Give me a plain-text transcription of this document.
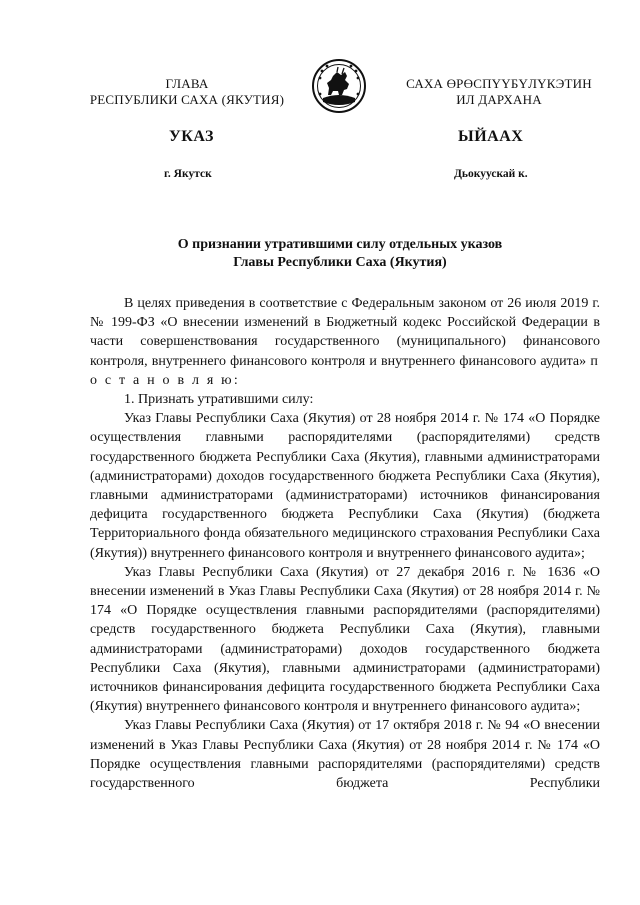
ГЛАВА
РЕСПУБЛИКИ САХА (ЯКУТИЯ)
САХА ӨРӨСПҮҮБҮЛҮКЭТИН
ИЛ ДАРХАНА
УКАЗ	ЫЙААХ
г. Якутск	Дьокуускай к.
О признании утратившими силу отдельных указов
Главы Республики Саха (Якутия)

В целях приведения в соответствие с Федеральным законом от 26 июля 2019 г. № 199-ФЗ «О внесении изменений в Бюджетный кодекс Российской Федерации в части совершенствования государственного (муниципального) финансового контроля, внутреннего финансового контроля и внутреннего финансового аудита» п о с т а н о в л я ю:

1. Признать утратившими силу:

Указ Главы Республики Саха (Якутия) от 28 ноября 2014 г. № 174 «О Порядке осуществления главными распорядителями (распорядителями) средств государственного бюджета Республики Саха (Якутия), главными администраторами (администраторами) доходов государственного бюджета Республики Саха (Якутия), главными администраторами (администраторами) источников финансирования дефицита государственного бюджета Республики Саха (Якутия) (бюджета Территориального фонда обязательного медицинского страхования Республики Саха (Якутия)) внутреннего финансового контроля и внутреннего финансового аудита»;

Указ Главы Республики Саха (Якутия) от 27 декабря 2016 г. № 1636 «О внесении изменений в Указ Главы Республики Саха (Якутия) от 28 ноября 2014 г. № 174 «О Порядке осуществления главными распорядителями (распорядителями) средств государственного бюджета Республики Саха (Якутия), главными администраторами (администраторами) доходов государственного бюджета Республики Саха (Якутия), главными администраторами (администраторами) источников финансирования дефицита государственного бюджета Республики Саха (Якутия) внутреннего финансового контроля и внутреннего финансового аудита»;

Указ Главы Республики Саха (Якутия) от 17 октября 2018 г. № 94 «О внесении изменений в Указ Главы Республики Саха (Якутия) от 28 ноября 2014 г. № 174 «О Порядке осуществления главными распорядителями (распорядителями) средств государственного бюджета Республики
